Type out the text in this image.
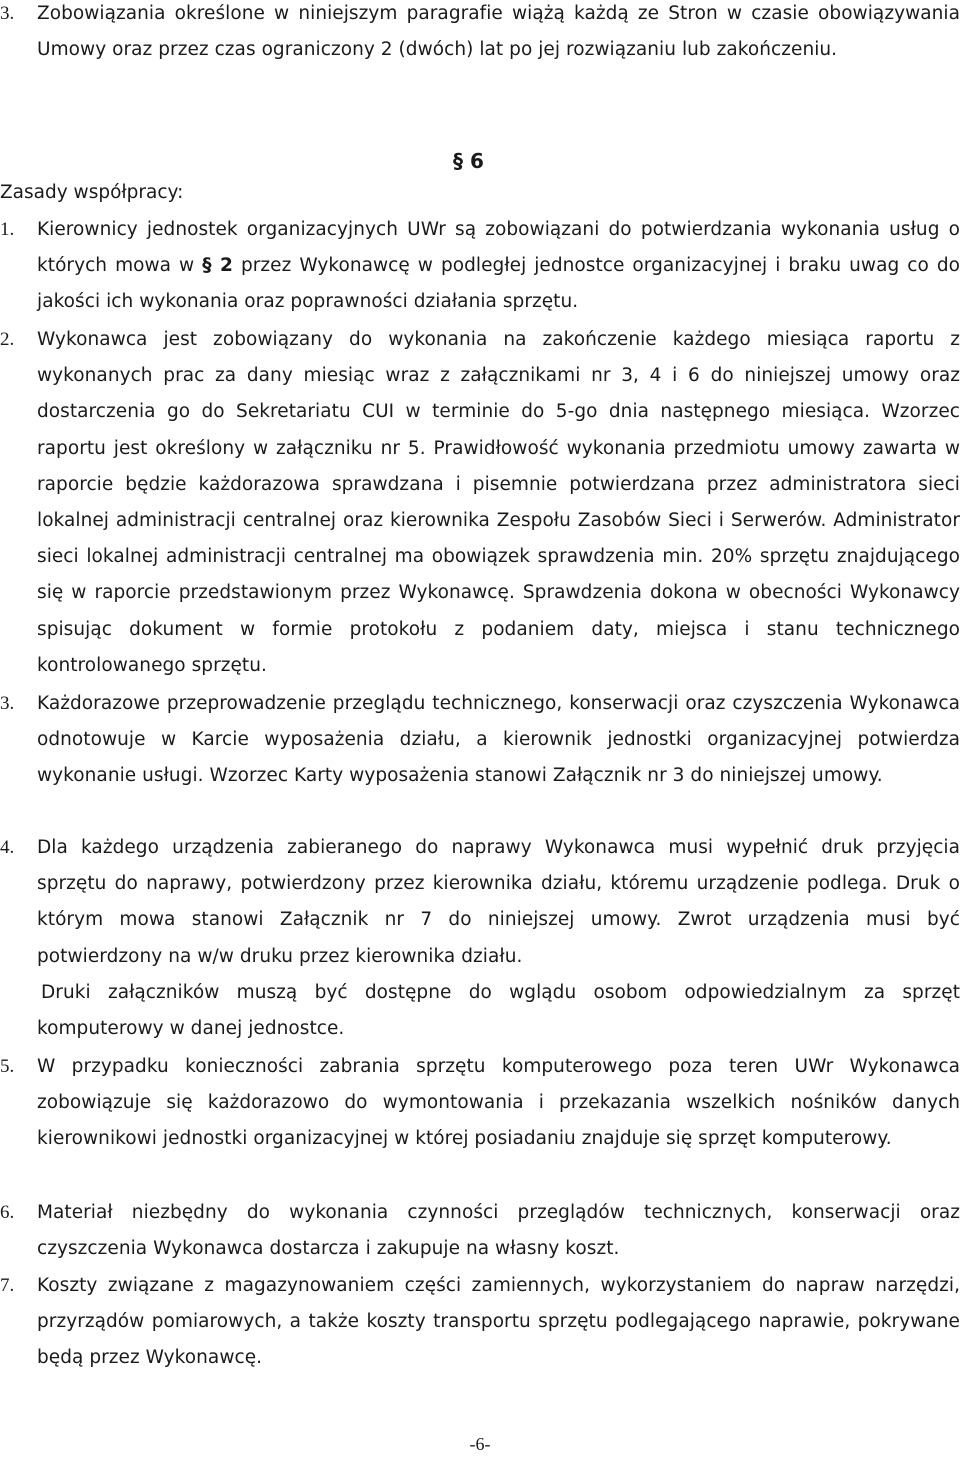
3. Zobowiązania określone w niniejszym paragrafie wiążą każdą ze Stron w czasie obowiązywania Umowy oraz przez czas ograniczony 2 (dwóch) lat po jej rozwiązaniu lub zakończeniu.
§ 6
Zasady współpracy:
1. Kierownicy jednostek organizacyjnych UWr są zobowiązani do potwierdzania wykonania usług o których mowa w § 2 przez Wykonawcę w podległej jednostce organizacyjnej i braku uwag co do jakości ich wykonania oraz poprawności działania sprzętu.
2. Wykonawca jest zobowiązany do wykonania na zakończenie każdego miesiąca raportu z wykonanych prac za dany miesiąc wraz z załącznikami nr 3, 4 i 6 do niniejszej umowy oraz dostarczenia go do Sekretariatu CUI w terminie do 5-go dnia następnego miesiąca. Wzorzec raportu jest określony w załączniku nr 5. Prawidłowość wykonania przedmiotu umowy zawarta w raporcie będzie każdorazowa sprawdzana i pisemnie potwierdzana przez administratora sieci lokalnej administracji centralnej oraz kierownika Zespołu Zasobów Sieci i Serwerów. Administrator sieci lokalnej administracji centralnej ma obowiązek sprawdzenia min. 20% sprzętu znajdującego się w raporcie przedstawionym przez Wykonawcę. Sprawdzenia dokona w obecności Wykonawcy spisując dokument w formie protokołu z podaniem daty, miejsca i stanu technicznego kontrolowanego sprzętu.
3. Każdorazowe przeprowadzenie przeglądu technicznego, konserwacji oraz czyszczenia Wykonawca odnotowuje w Karcie wyposażenia działu, a kierownik jednostki organizacyjnej potwierdza wykonanie usługi. Wzorzec Karty wyposażenia stanowi Załącznik nr 3 do niniejszej umowy.
4. Dla każdego urządzenia zabieranego do naprawy Wykonawca musi wypełnić druk przyjęcia sprzętu do naprawy, potwierdzony przez kierownika działu, któremu urządzenie podlega. Druk o którym mowa stanowi Załącznik nr 7 do niniejszej umowy. Zwrot urządzenia musi być potwierdzony na w/w druku przez kierownika działu.
Druki załączników muszą być dostępne do wglądu osobom odpowiedzialnym za sprzęt komputerowy w danej jednostce.
5. W przypadku konieczności zabrania sprzętu komputerowego poza teren UWr Wykonawca zobowiązuje się każdorazowo do wymontowania i przekazania wszelkich nośników danych kierownikowi jednostki organizacyjnej w której posiadaniu znajduje się sprzęt komputerowy.
6. Materiał niezbędny do wykonania czynności przeglądów technicznych, konserwacji oraz czyszczenia Wykonawca dostarcza i zakupuje na własny koszt.
7. Koszty związane z magazynowaniem części zamiennych, wykorzystaniem do napraw narzędzi, przyrządów pomiarowych, a także koszty transportu sprzętu podlegającego naprawie, pokrywane będą przez Wykonawcę.
-6-
